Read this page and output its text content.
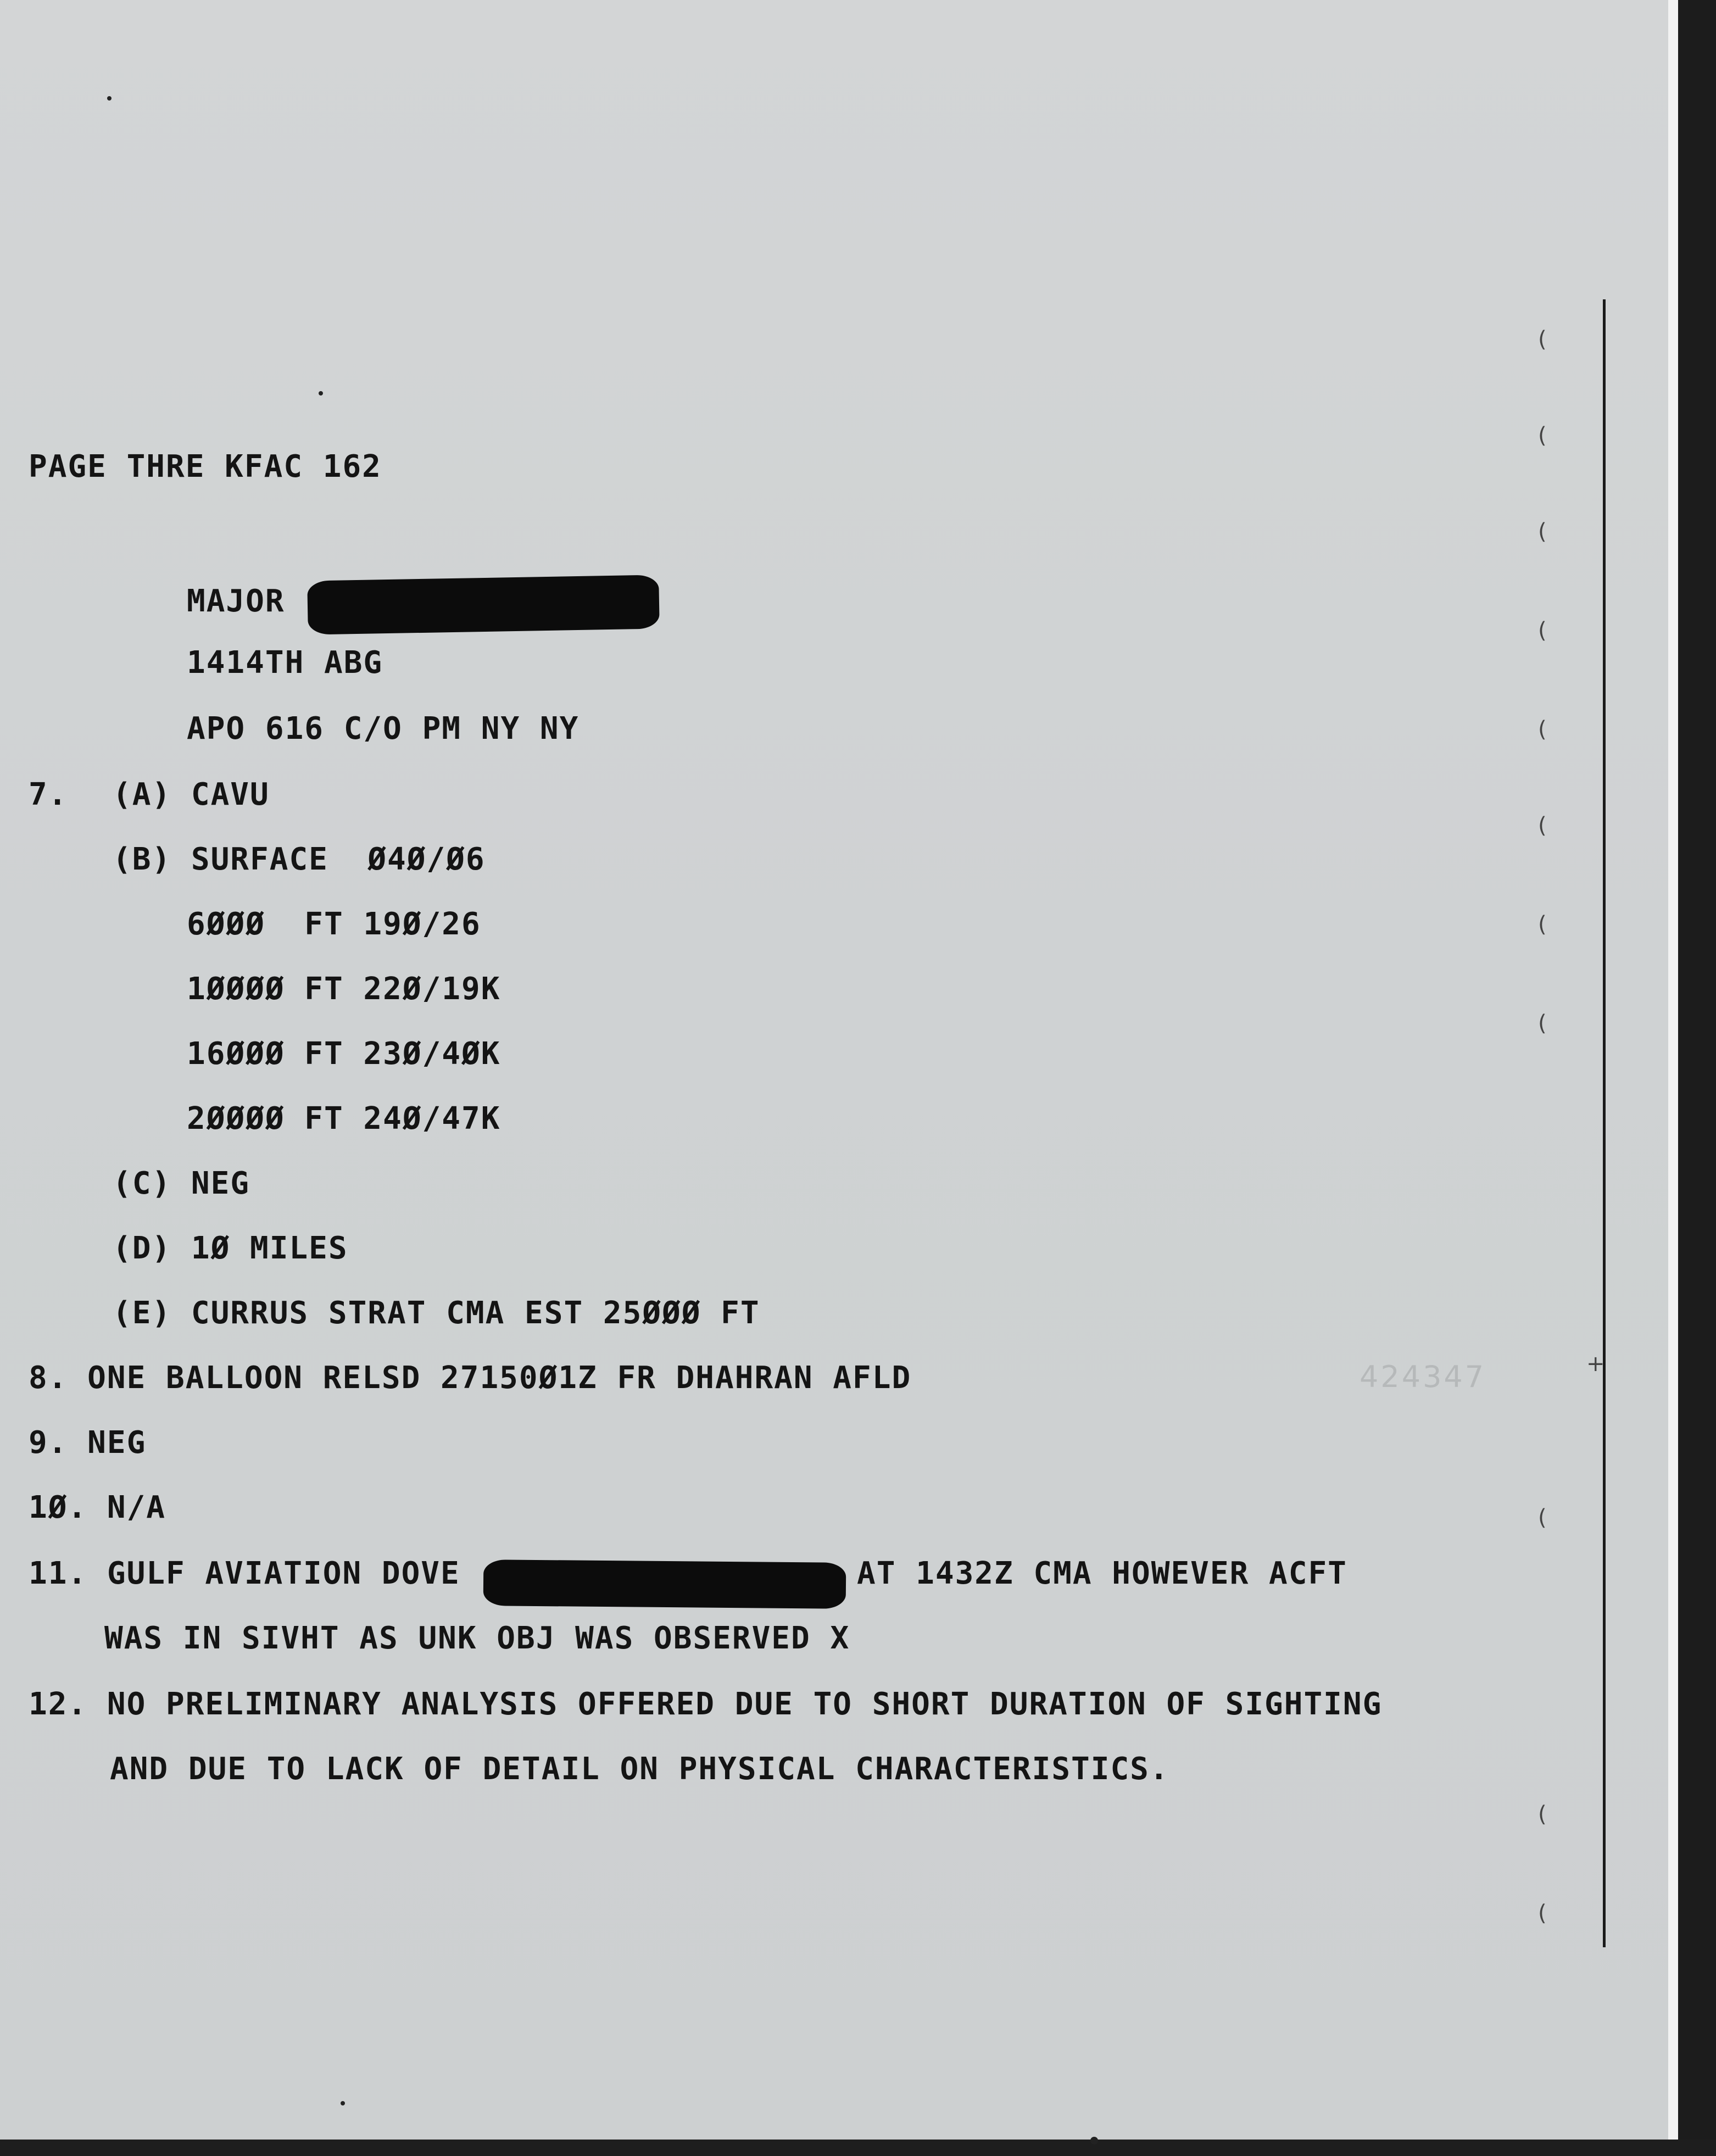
PAGE THRE KFAC 162
MAJOR
1414TH ABG
APO 616 C/O PM NY NY
7. (A) CAVU
(B) SURFACE  Ø4Ø/Ø6
6ØØØ  FT 19Ø/26
1ØØØØ FT 22Ø/19K
16ØØØ FT 23Ø/4ØK
2ØØØØ FT 24Ø/47K
(C) NEG
(D) 1Ø MILES
(E) CURRUS STRAT CMA EST 25ØØØ FT
8. ONE BALLOON RELSD 27150Ø1Z FR DHAHRAN AFLD
9. NEG
1Ø. N/A
11. GULF AVIATION DOVE	AT 1432Z CMA HOWEVER ACFT
WAS IN SIVHT AS UNK OBJ WAS OBSERVED X
12. NO PRELIMINARY ANALYSIS OFFERED DUE TO SHORT DURATION OF SIGHTING
AND DUE TO LACK OF DETAIL ON PHYSICAL CHARACTERISTICS.
424347
(
(
(
(
(
(
(
(
(
(
(
+
